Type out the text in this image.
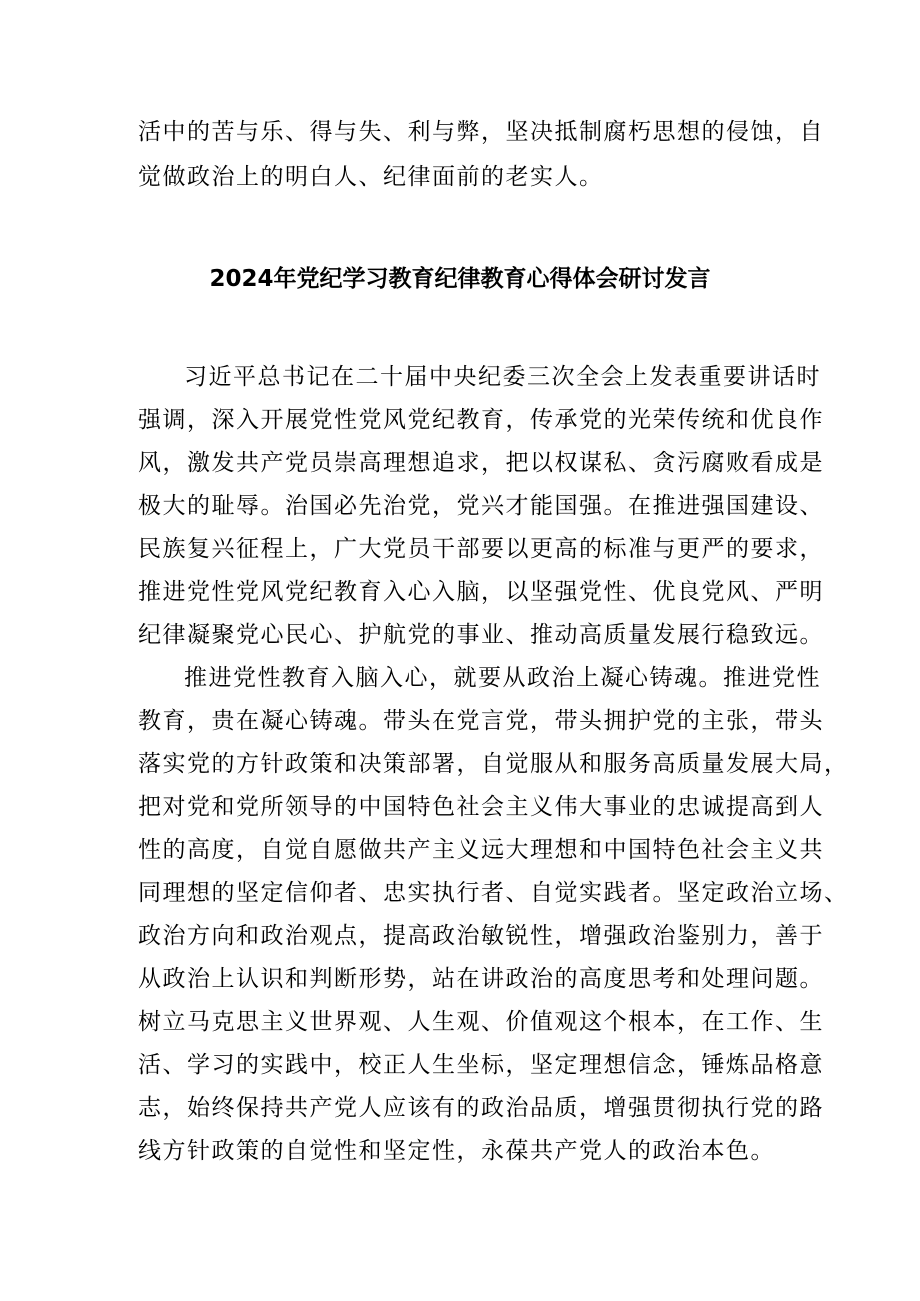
活中的苦与乐、得与失、利与弊，坚决抵制腐朽思想的侵蚀，自

觉做政治上的明白人、纪律面前的老实人。

2024年党纪学习教育纪律教育心得体会研讨发言

习近平总书记在二十届中央纪委三次全会上发表重要讲话时

强调，深入开展党性党风党纪教育，传承党的光荣传统和优良作

风，激发共产党员崇高理想追求，把以权谋私、贪污腐败看成是

极大的耻辱。治国必先治党，党兴才能国强。在推进强国建设、

民族复兴征程上，广大党员干部要以更高的标准与更严的要求，

推进党性党风党纪教育入心入脑，以坚强党性、优良党风、严明

纪律凝聚党心民心、护航党的事业、推动高质量发展行稳致远。

推进党性教育入脑入心，就要从政治上凝心铸魂。推进党性

教育，贵在凝心铸魂。带头在党言党，带头拥护党的主张，带头

落实党的方针政策和决策部署，自觉服从和服务高质量发展大局，

把对党和党所领导的中国特色社会主义伟大事业的忠诚提高到人

性的高度，自觉自愿做共产主义远大理想和中国特色社会主义共

同理想的坚定信仰者、忠实执行者、自觉实践者。坚定政治立场、

政治方向和政治观点，提高政治敏锐性，增强政治鉴别力，善于

从政治上认识和判断形势，站在讲政治的高度思考和处理问题。

树立马克思主义世界观、人生观、价值观这个根本，在工作、生

活、学习的实践中，校正人生坐标，坚定理想信念，锤炼品格意

志，始终保持共产党人应该有的政治品质，增强贯彻执行党的路

线方针政策的自觉性和坚定性，永葆共产党人的政治本色。
